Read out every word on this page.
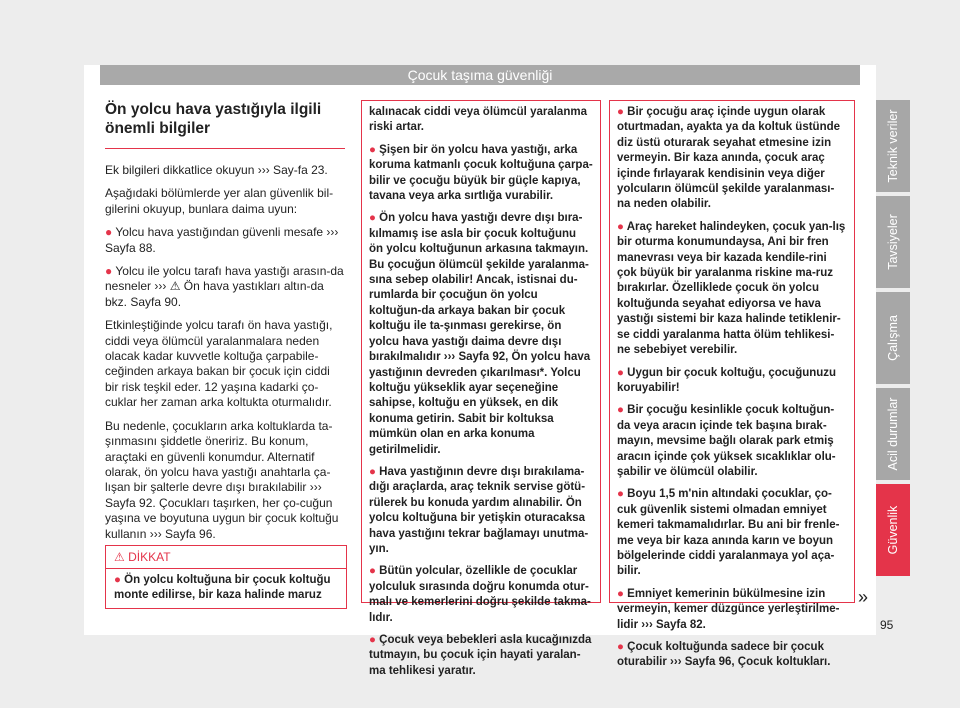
Çocuk taşıma güvenliği
Ön yolcu hava yastığıyla ilgili önemli bilgiler

Ek bilgileri dikkatlice okuyun ››› Say-fa 23.

Aşağıdaki bölümlerde yer alan güvenlik bil-gilerini okuyup, bunlara daima uyun:

● Yolcu hava yastığından güvenli mesafe ››› Sayfa 88.

● Yolcu ile yolcu tarafı hava yastığı arasın-da nesneler ››› ⚠ Ön hava yastıkları altın-da bkz. Sayfa 90.

Etkinleştiğinde yolcu tarafı ön hava yastığı, ciddi veya ölümcül yaralanmalara neden olacak kadar kuvvetle koltuğa çarpabile-ceğinden arkaya bakan bir çocuk için ciddi bir risk teşkil eder. 12 yaşına kadarki ço-cuklar her zaman arka koltukta oturmalıdır.

Bu nedenle, çocukların arka koltuklarda ta-şınmasını şiddetle öneririz. Bu konum, araçtaki en güvenli konumdur. Alternatif olarak, ön yolcu hava yastığı anahtarla ça-lışan bir şalterle devre dışı bırakılabilir ››› Sayfa 92. Çocukları taşırken, her ço-cuğun yaşına ve boyutuna uygun bir çocuk koltuğu kullanın ››› Sayfa 96.

⚠ DİKKAT
● Ön yolcu koltuğuna bir çocuk koltuğu monte edilirse, bir kaza halinde maruz

kalınacak ciddi veya ölümcül yaralanma riski artar.

● Şişen bir ön yolcu hava yastığı, arka koruma katmanlı çocuk koltuğuna çarpa-bilir ve çocuğu büyük bir güçle kapıya, tavana veya arka sırtlığa vurabilir.

● Ön yolcu hava yastığı devre dışı bıra-kılmamış ise asla bir çocuk koltuğunu ön yolcu koltuğunun arkasına takmayın. Bu çocuğun ölümcül şekilde yaralanma-sına sebep olabilir! Ancak, istisnai du-rumlarda bir çocuğun ön yolcu koltuğun-da arkaya bakan bir çocuk koltuğu ile ta-şınması gerekirse, ön yolcu hava yastığı daima devre dışı bırakılmalıdır ››› Sayfa 92, Ön yolcu hava yastığının devreden çıkarılması*. Yolcu koltuğu yükseklik ayar seçeneğine sahipse, koltuğu en yüksek, en dik konuma getirin. Sabit bir koltuksa mümkün olan en arka konuma getirilmelidir.

● Hava yastığının devre dışı bırakılama-dığı araçlarda, araç teknik servise götü-rülerek bu konuda yardım alınabilir. Ön yolcu koltuğuna bir yetişkin oturacaksa hava yastığını tekrar bağlamayı unutma-yın.

● Bütün yolcular, özellikle de çocuklar yolculuk sırasında doğru konumda otur-malı ve kemerlerini doğru şekilde takma-lıdır.

● Çocuk veya bebekleri asla kucağınızda tutmayın, bu çocuk için hayati yaralan-ma tehlikesi yaratır.

● Bir çocuğu araç içinde uygun olarak oturtmadan, ayakta ya da koltuk üstünde diz üstü oturarak seyahat etmesine izin vermeyin. Bir kaza anında, çocuk araç içinde fırlayarak kendisinin veya diğer yolcuların ölümcül şekilde yaralanması-na neden olabilir.

● Araç hareket halindeyken, çocuk yan-lış bir oturma konumundaysa, Ani bir fren manevrası veya bir kazada kendile-rini çok büyük bir yaralanma riskine ma-ruz bırakırlar. Özelliklede çocuk ön yolcu koltuğunda seyahat ediyorsa ve hava yastığı sistemi bir kaza halinde tetiklenir-se ciddi yaralanma hatta ölüm tehlikesi-ne sebebiyet verebilir.

● Uygun bir çocuk koltuğu, çocuğunuzu koruyabilir!

● Bir çocuğu kesinlikle çocuk koltuğun-da veya aracın içinde tek başına bırak-mayın, mevsime bağlı olarak park etmiş aracın içinde çok yüksek sıcaklıklar olu-şabilir ve ölümcül olabilir.

● Boyu 1,5 m'nin altındaki çocuklar, ço-cuk güvenlik sistemi olmadan emniyet kemeri takmamalıdırlar. Bu ani bir frenle-me veya bir kaza anında karın ve boyun bölgelerinde ciddi yaralanmaya yol aça-bilir.

● Emniyet kemerinin bükülmesine izin vermeyin, kemer düzgünce yerleştirilme-lidir ››› Sayfa 82.

● Çocuk koltuğunda sadece bir çocuk oturabilir ››› Sayfa 96, Çocuk koltukları.

»
Teknik veriler
Tavsiyeler
Çalışma
Acil durumlar
Güvenlik
95
